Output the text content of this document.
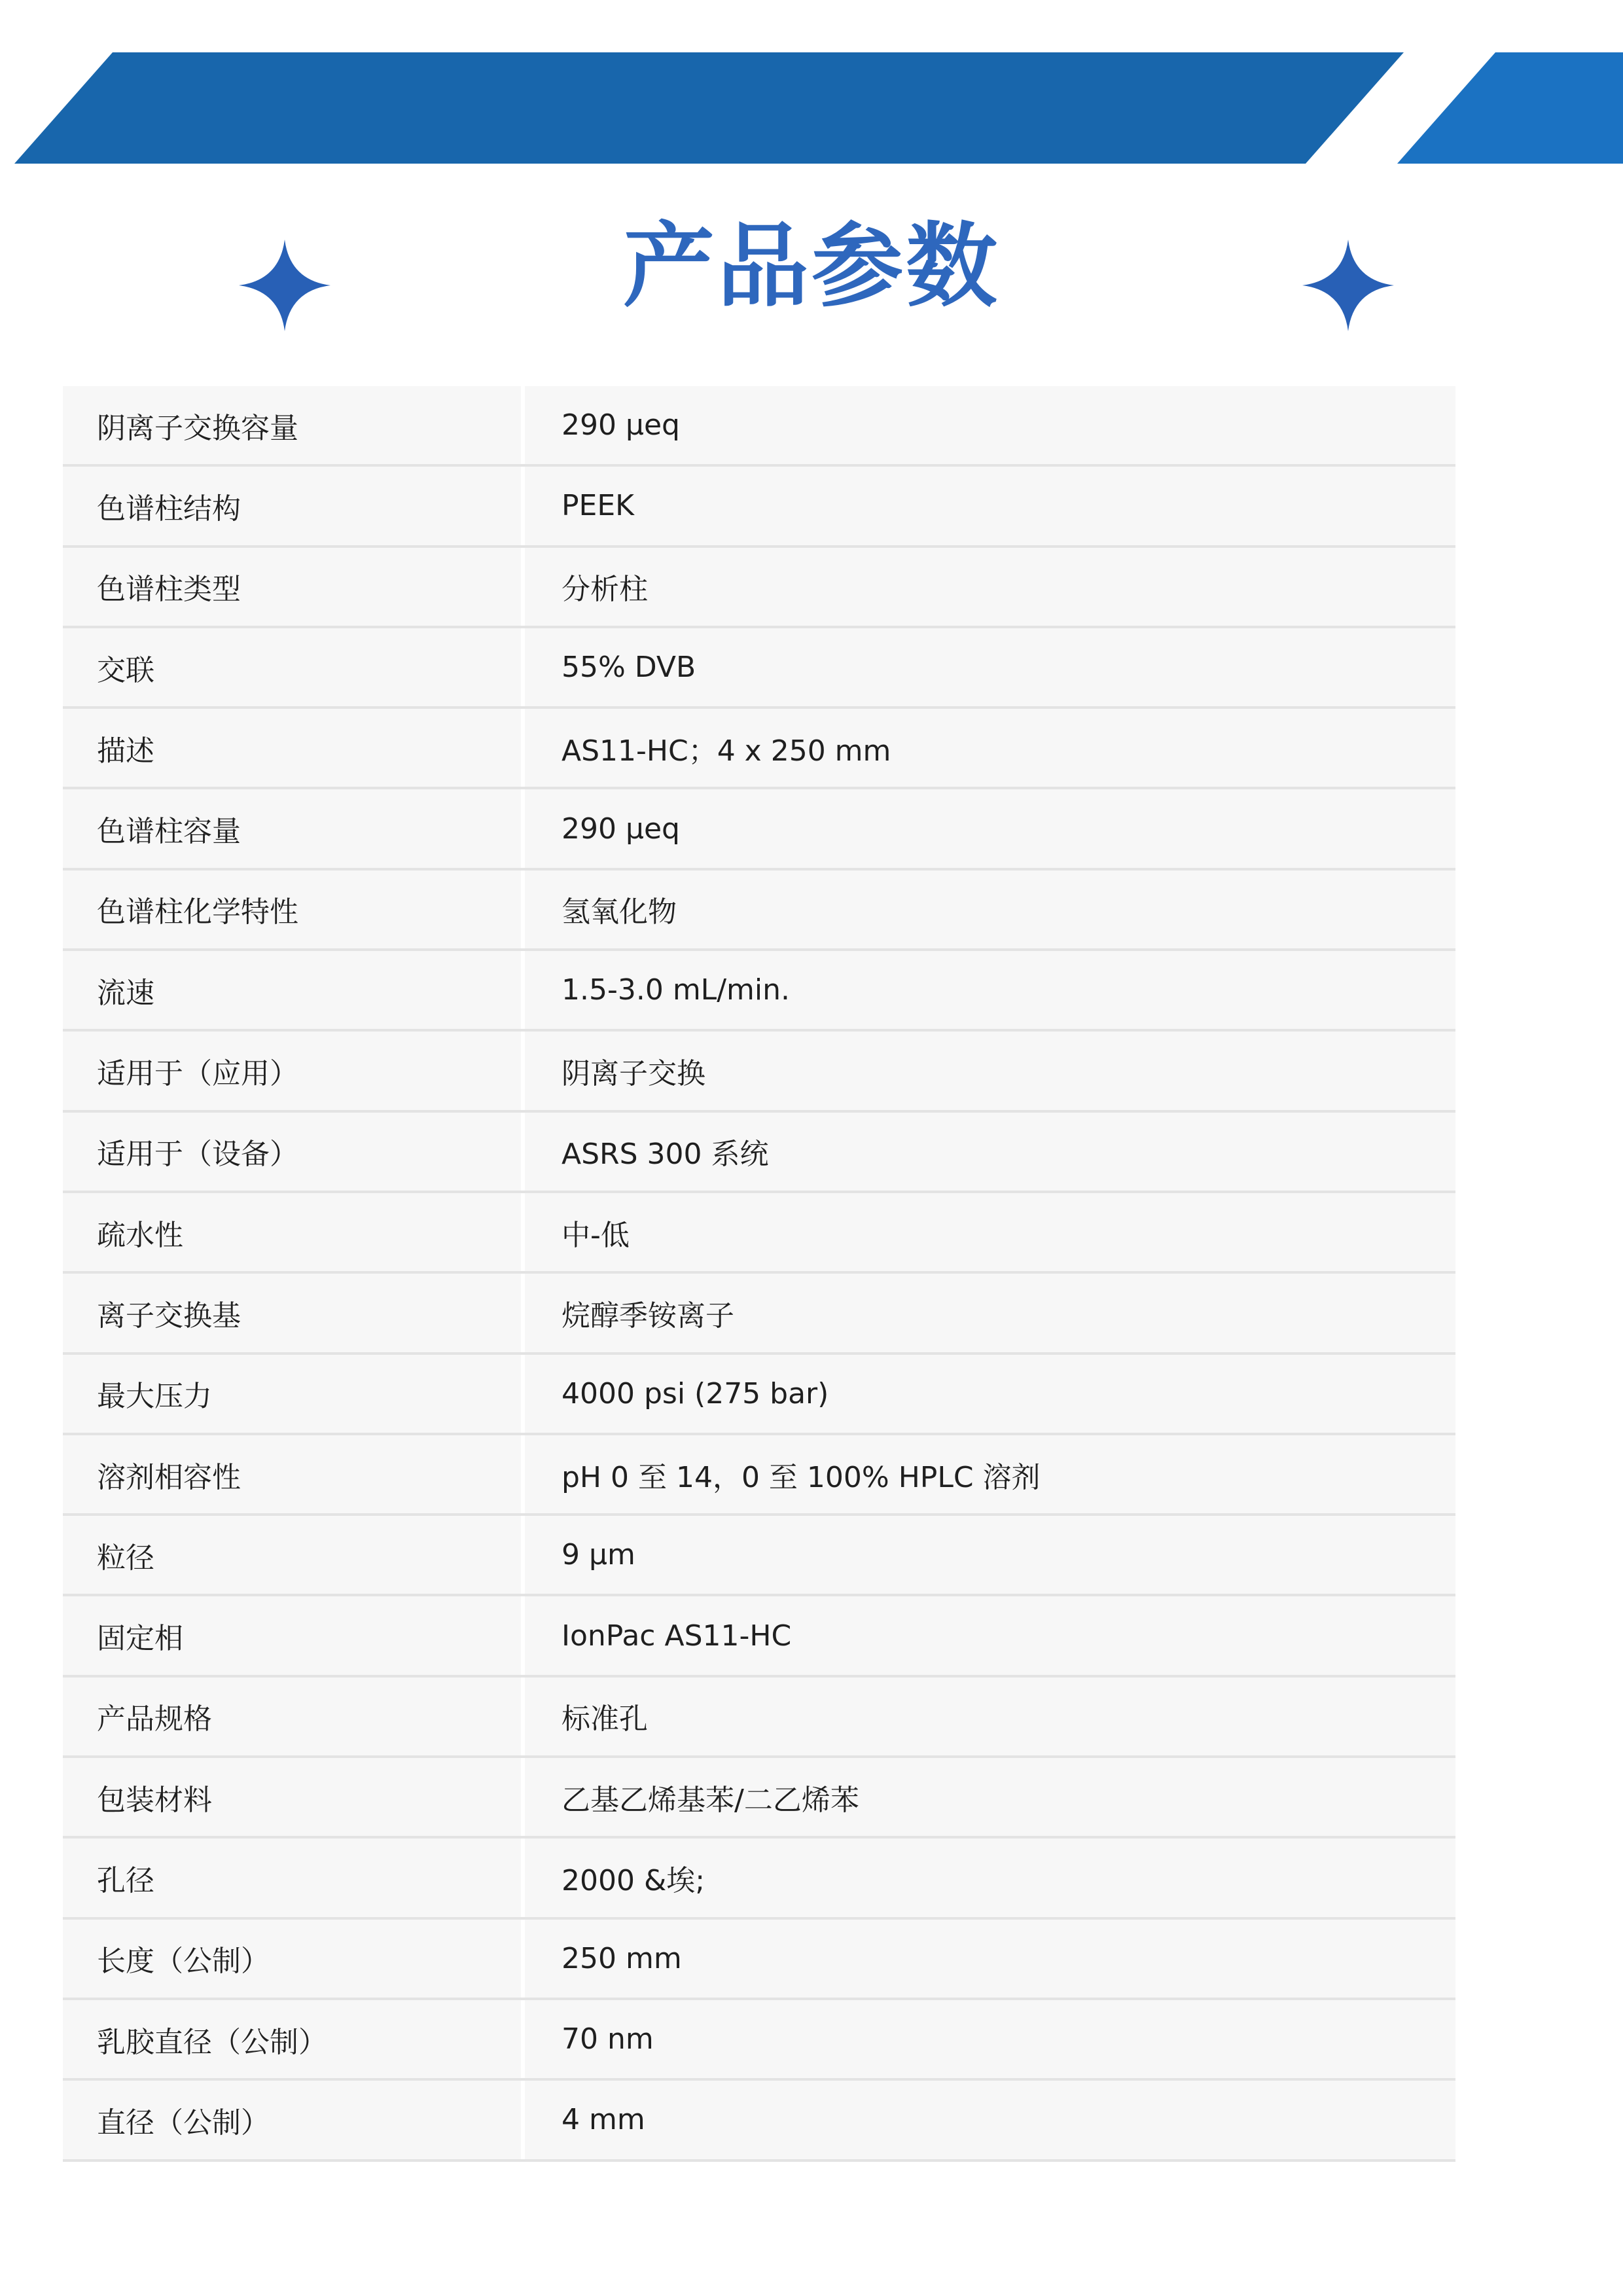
产品参数
阴离子交换容量	290 µeq
色谱柱结构	PEEK
色谱柱类型	分析柱
交联	55% DVB
描述	AS11-HC；4 x 250 mm
色谱柱容量	290 µeq
色谱柱化学特性	氢氧化物
流速	1.5-3.0 mL/min.
适用于（应用）	阴离子交换
适用于（设备）	ASRS 300 系统
疏水性	中-低
离子交换基	烷醇季铵离子
最大压力	4000 psi (275 bar)
溶剂相容性	pH 0 至 14，0 至 100% HPLC 溶剂
粒径	9 µm
固定相	IonPac AS11-HC
产品规格	标准孔
包装材料	乙基乙烯基苯/二乙烯苯
孔径	2000 &埃;
长度（公制）	250 mm
乳胶直径（公制）	70 nm
直径（公制）	4 mm
